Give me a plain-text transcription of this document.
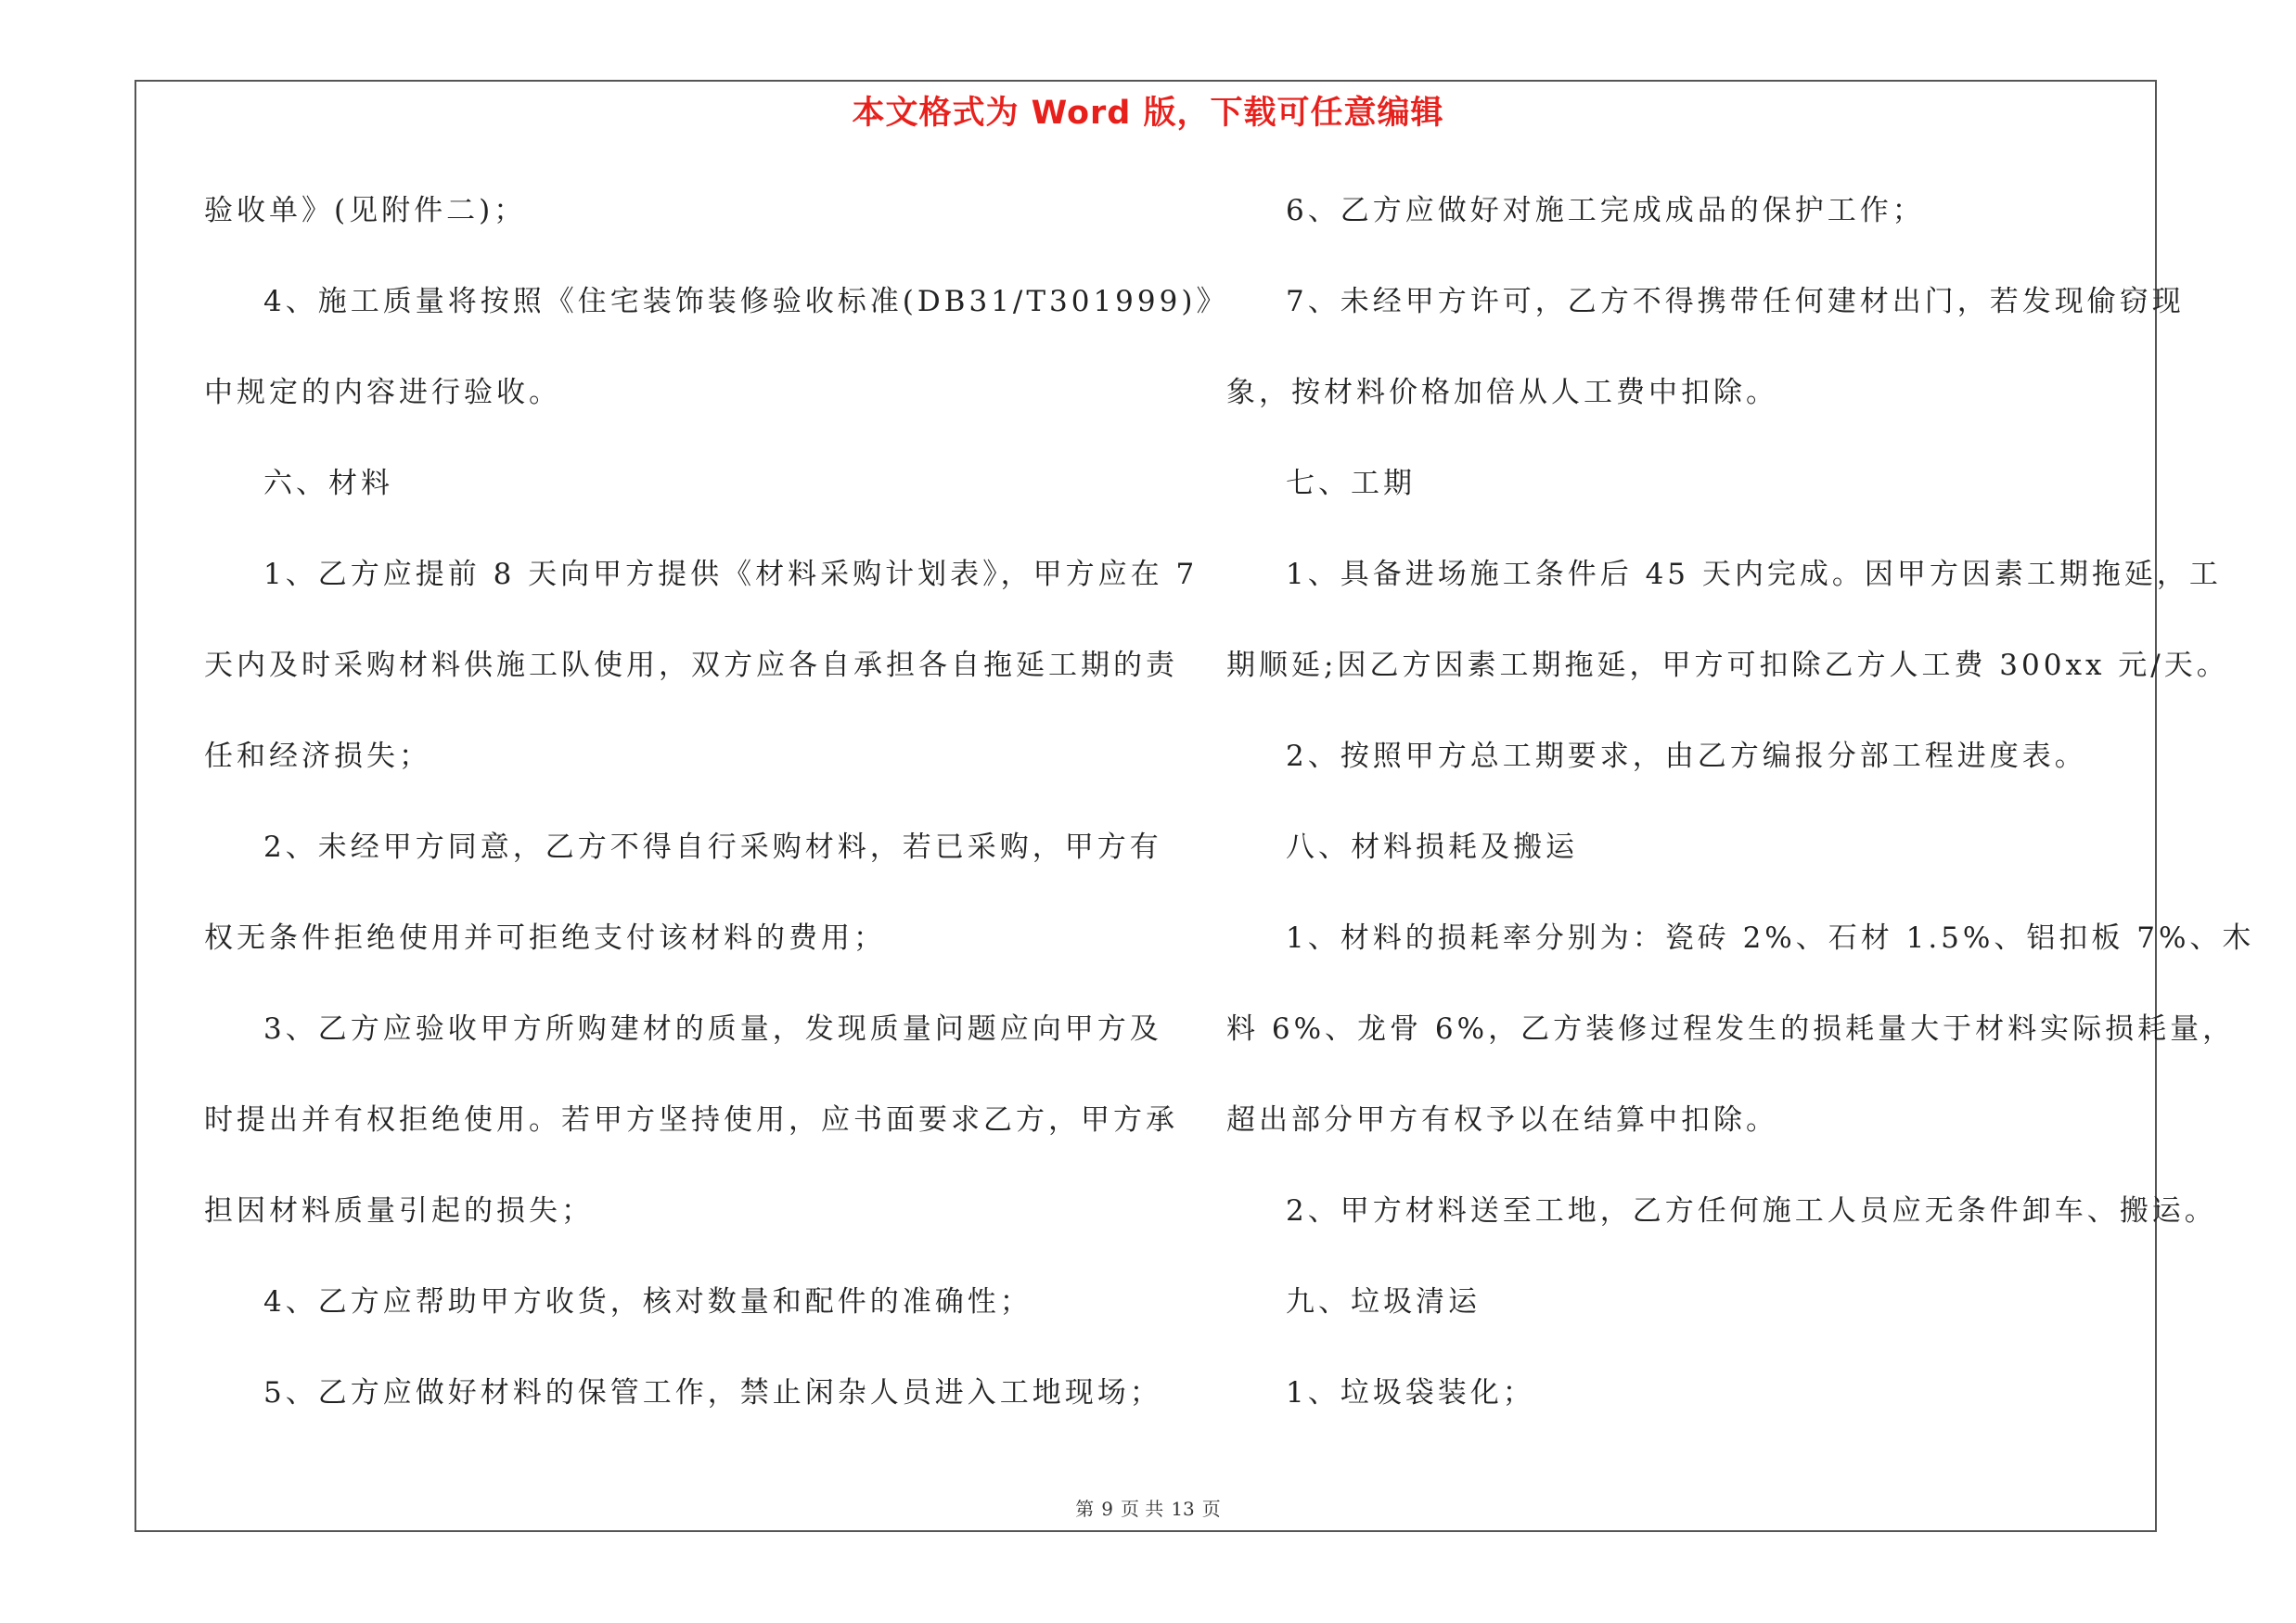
本文格式为 Word 版，下载可任意编辑
验收单》(见附件二)；
4、施工质量将按照《住宅装饰装修验收标准(DB31/T301999)》
中规定的内容进行验收。
六、材料
1、乙方应提前 8 天向甲方提供《材料采购计划表》，甲方应在 7
天内及时采购材料供施工队使用，双方应各自承担各自拖延工期的责
任和经济损失；
2、未经甲方同意，乙方不得自行采购材料，若已采购，甲方有
权无条件拒绝使用并可拒绝支付该材料的费用；
3、乙方应验收甲方所购建材的质量，发现质量问题应向甲方及
时提出并有权拒绝使用。若甲方坚持使用，应书面要求乙方，甲方承
担因材料质量引起的损失；
4、乙方应帮助甲方收货，核对数量和配件的准确性；
5、乙方应做好材料的保管工作，禁止闲杂人员进入工地现场；
6、乙方应做好对施工完成成品的保护工作；
7、未经甲方许可，乙方不得携带任何建材出门，若发现偷窃现
象，按材料价格加倍从人工费中扣除。
七、工期
1、具备进场施工条件后 45 天内完成。因甲方因素工期拖延，工
期顺延;因乙方因素工期拖延，甲方可扣除乙方人工费 300xx 元/天。
2、按照甲方总工期要求，由乙方编报分部工程进度表。
八、材料损耗及搬运
1、材料的损耗率分别为：瓷砖 2%、石材 1.5%、铝扣板 7%、木
料 6%、龙骨 6%，乙方装修过程发生的损耗量大于材料实际损耗量，
超出部分甲方有权予以在结算中扣除。
2、甲方材料送至工地，乙方任何施工人员应无条件卸车、搬运。
九、垃圾清运
1、垃圾袋装化；
第 9 页 共 13 页
